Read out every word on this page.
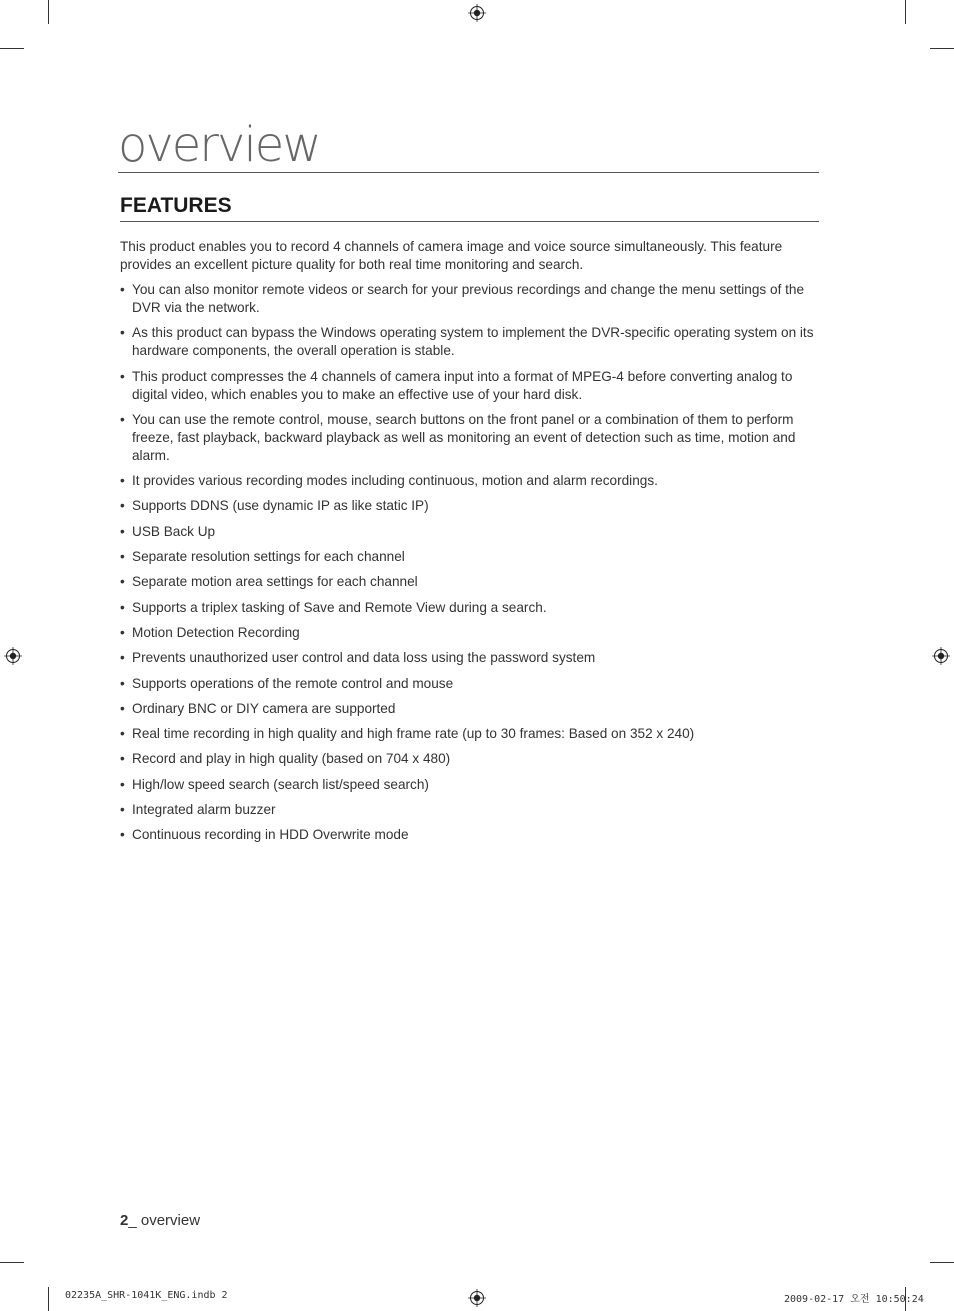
overview
FEATURES
This product enables you to record 4 channels of camera image and voice source simultaneously. This feature provides an excellent picture quality for both real time monitoring and search.
• You can also monitor remote videos or search for your previous recordings and change the menu settings of the DVR via the network.
• As this product can bypass the Windows operating system to implement the DVR-specific operating system on its hardware components, the overall operation is stable.
• This product compresses the 4 channels of camera input into a format of MPEG-4 before converting analog to digital video, which enables you to make an effective use of your hard disk.
• You can use the remote control, mouse, search buttons on the front panel or a combination of them to perform freeze, fast playback, backward playback as well as monitoring an event of detection such as time, motion and alarm.
• It provides various recording modes including continuous, motion and alarm recordings.
• Supports DDNS (use dynamic IP as like static IP)
• USB Back Up
• Separate resolution settings for each channel
• Separate motion area settings for each channel
• Supports a triplex tasking of Save and Remote View during a search.
• Motion Detection Recording
• Prevents unauthorized user control and data loss using the password system
• Supports operations of the remote control and mouse
• Ordinary BNC or DIY camera are supported
• Real time recording in high quality and high frame rate (up to 30 frames: Based on 352 x 240)
• Record and play in high quality (based on 704 x 480)
• High/low speed search (search list/speed search)
• Integrated alarm buzzer
• Continuous recording in HDD Overwrite mode
2_ overview
02235A_SHR-1041K_ENG.indb 2	2009-02-17 오전 10:50:24
